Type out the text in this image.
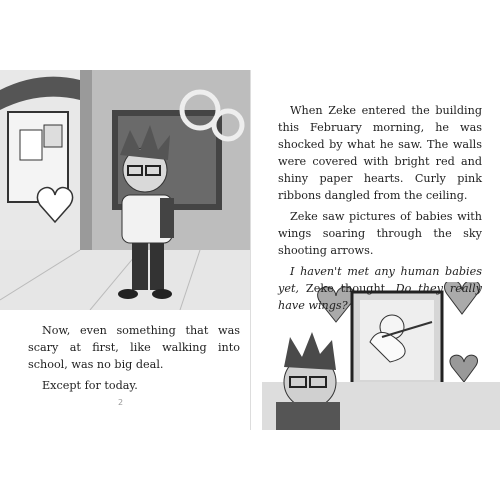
When Zeke entered the building this February morning, he was shocked by what he saw. The walls were covered with bright red and shiny paper hearts. Curly pink ribbons dangled from the ceiling.

Zeke saw pictures of babies with wings soaring through the sky shooting arrows.

I haven't met any human babies yet, Zeke thought. Do they really have wings?

Now, even something that was scary at first, like walking into school, was no big deal.

Except for today.

2
